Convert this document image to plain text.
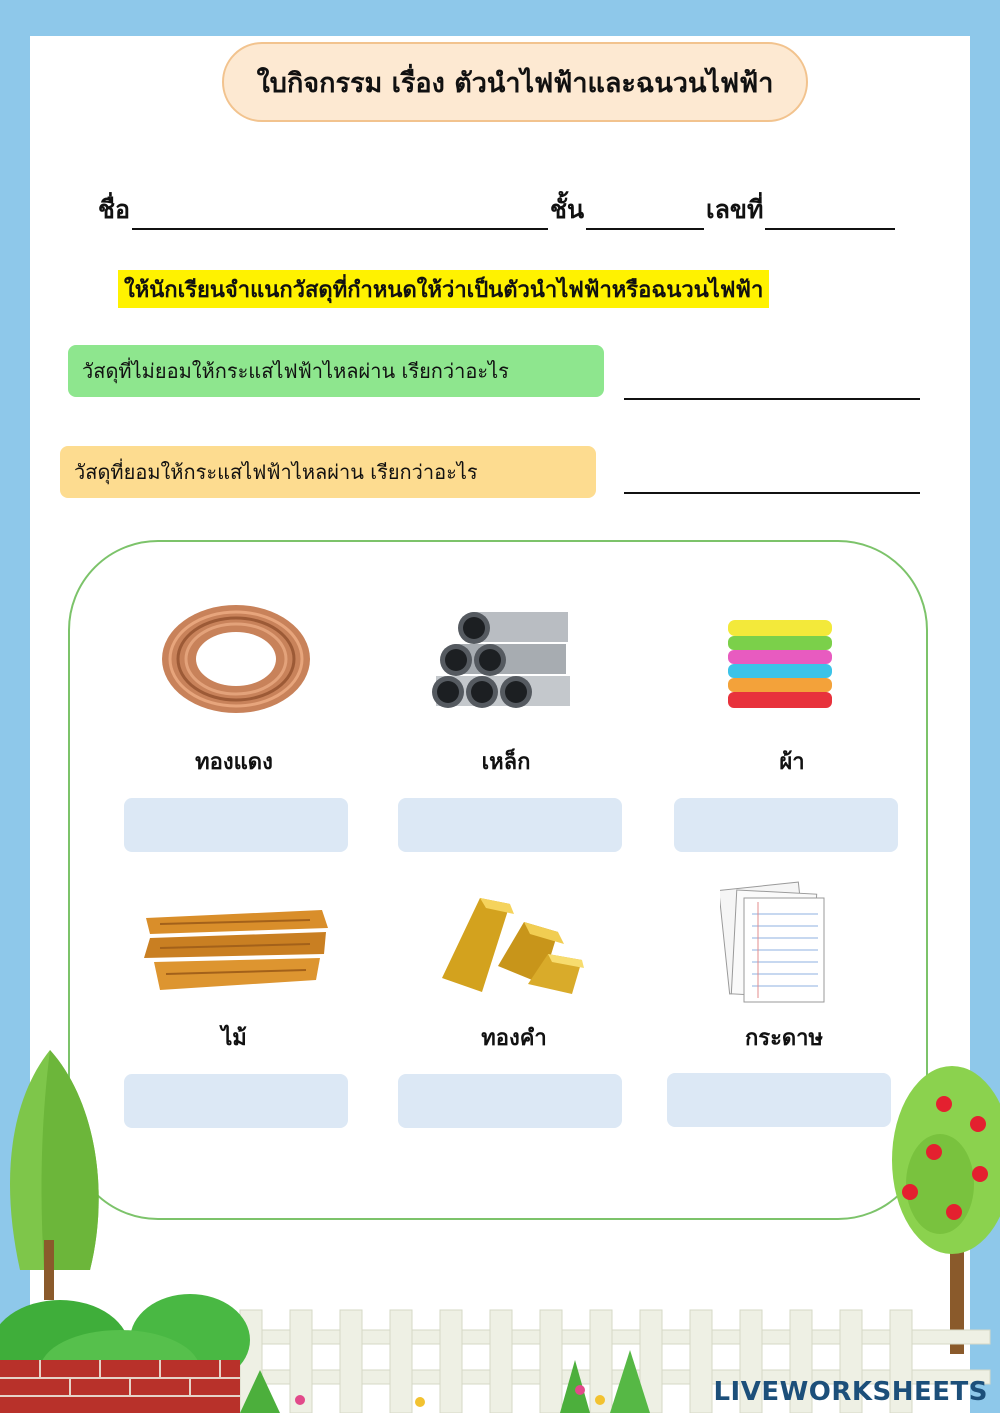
ใบกิจกรรม เรื่อง ตัวนำไฟฟ้าและฉนวนไฟฟ้า
ชื่อ	ชั้น	เลขที่
ให้นักเรียนจำแนกวัสดุที่กำหนดให้ว่าเป็นตัวนำไฟฟ้าหรือฉนวนไฟฟ้า
วัสดุที่ไม่ยอมให้กระแสไฟฟ้าไหลผ่าน เรียกว่าอะไร
วัสดุที่ยอมให้กระแสไฟฟ้าไหลผ่าน เรียกว่าอะไร
ทองแดง	เหล็ก	ผ้า
ไม้	ทองคำ	กระดาษ
LIVEWORKSHEETS
